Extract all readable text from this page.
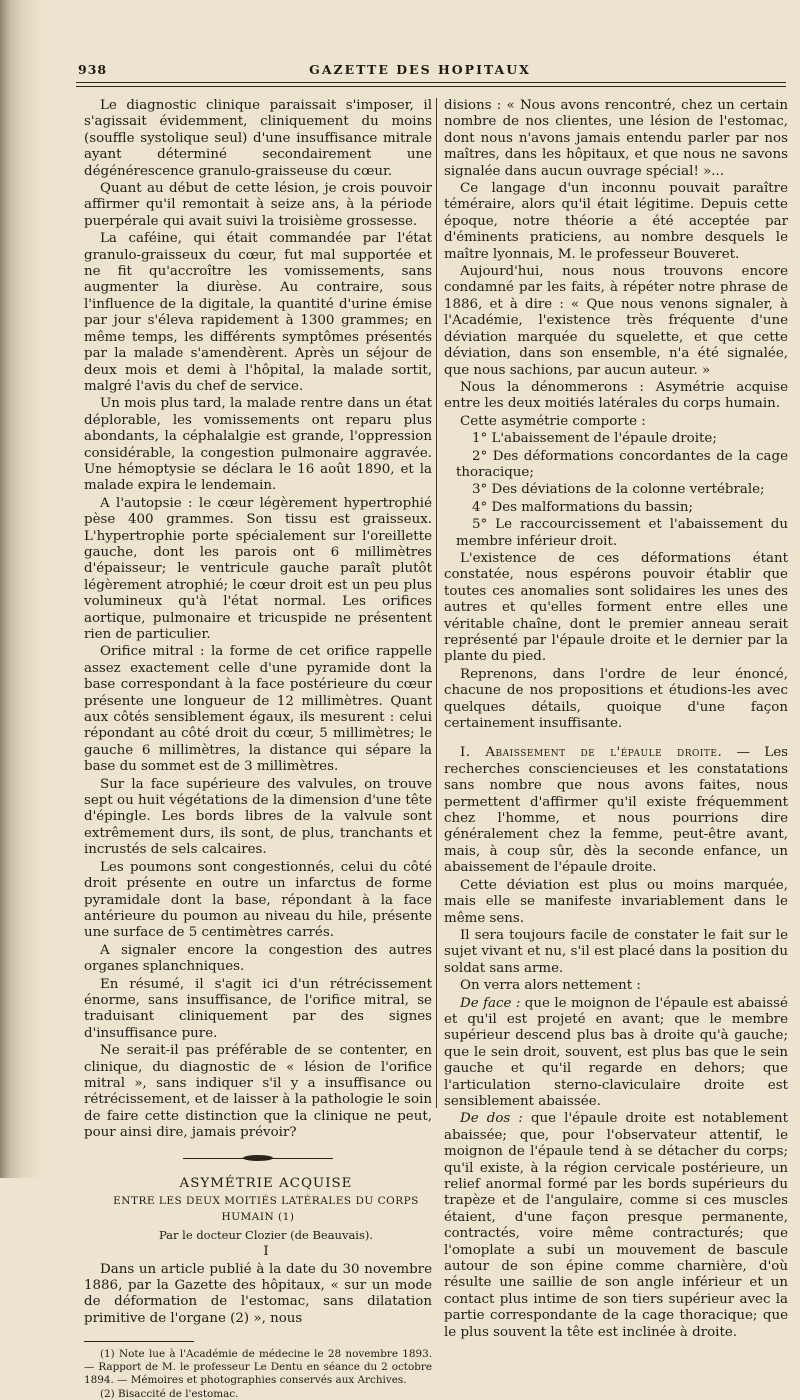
938	GAZETTE DES HOPITAUX

Le diagnostic clinique paraissait s'imposer, il s'agissait évidemment, cliniquement du moins (souffle systolique seul) d'une insuffisance mitrale ayant déterminé secondairement une dégénérescence granulo-graisseuse du cœur.

Quant au début de cette lésion, je crois pouvoir affirmer qu'il remontait à seize ans, à la période puerpérale qui avait suivi la troisième grossesse.

La caféine, qui était commandée par l'état granulo-graisseux du cœur, fut mal supportée et ne fit qu'accroître les vomissements, sans augmenter la diurèse. Au contraire, sous l'influence de la digitale, la quantité d'urine émise par jour s'éleva rapidement à 1300 grammes; en même temps, les différents symptômes présentés par la malade s'amendèrent. Après un séjour de deux mois et demi à l'hôpital, la malade sortit, malgré l'avis du chef de service.

Un mois plus tard, la malade rentre dans un état déplorable, les vomissements ont reparu plus abondants, la céphalalgie est grande, l'oppression considérable, la congestion pulmonaire aggravée. Une hémoptysie se déclara le 16 août 1890, et la malade expira le lendemain.

A l'autopsie : le cœur légèrement hypertrophié pèse 400 grammes. Son tissu est graisseux. L'hypertrophie porte spécialement sur l'oreillette gauche, dont les parois ont 6 millimètres d'épaisseur; le ventricule gauche paraît plutôt légèrement atrophié; le cœur droit est un peu plus volumineux qu'à l'état normal. Les orifices aortique, pulmonaire et tricuspide ne présentent rien de particulier.

Orifice mitral : la forme de cet orifice rappelle assez exactement celle d'une pyramide dont la base correspondant à la face postérieure du cœur présente une longueur de 12 millimètres. Quant aux côtés sensiblement égaux, ils mesurent : celui répondant au côté droit du cœur, 5 millimètres; le gauche 6 millimètres, la distance qui sépare la base du sommet est de 3 millimètres.

Sur la face supérieure des valvules, on trouve sept ou huit végétations de la dimension d'une tête d'épingle. Les bords libres de la valvule sont extrêmement durs, ils sont, de plus, tranchants et incrustés de sels calcaires.

Les poumons sont congestionnés, celui du côté droit présente en outre un infarctus de forme pyramidale dont la base, répondant à la face antérieure du poumon au niveau du hile, présente une surface de 5 centimètres carrés.

A signaler encore la congestion des autres organes splanchniques.

En résumé, il s'agit ici d'un rétrécissement énorme, sans insuffisance, de l'orifice mitral, se traduisant cliniquement par des signes d'insuffisance pure.

Ne serait-il pas préférable de se contenter, en clinique, du diagnostic de « lésion de l'orifice mitral », sans indiquer s'il y a insuffisance ou rétrécissement, et de laisser à la pathologie le soin de faire cette distinction que la clinique ne peut, pour ainsi dire, jamais prévoir?

ASYMÉTRIE ACQUISE

ENTRE LES DEUX MOITIÉS LATÉRALES DU CORPS HUMAIN (1)

Par le docteur Clozier (de Beauvais).

I

Dans un article publié à la date du 30 novembre 1886, par la Gazette des hôpitaux, « sur un mode de déformation de l'estomac, sans dilatation primitive de l'organe (2) », nous

(1) Note lue à l'Académie de médecine le 28 novembre 1893. — Rapport de M. le professeur Le Dentu en séance du 2 octobre 1894. — Mémoires et photographies conservés aux Archives.

(2) Bisaccité de l'estomac.

disions : « Nous avons rencontré, chez un certain nombre de nos clientes, une lésion de l'estomac, dont nous n'avons jamais entendu parler par nos maîtres, dans les hôpitaux, et que nous ne savons signalée dans aucun ouvrage spécial! »...

Ce langage d'un inconnu pouvait paraître téméraire, alors qu'il était légitime. Depuis cette époque, notre théorie a été acceptée par d'éminents praticiens, au nombre desquels le maître lyonnais, M. le professeur Bouveret.

Aujourd'hui, nous nous trouvons encore condamné par les faits, à répéter notre phrase de 1886, et à dire : « Que nous venons signaler, à l'Académie, l'existence très fréquente d'une déviation marquée du squelette, et que cette déviation, dans son ensemble, n'a été signalée, que nous sachions, par aucun auteur. »

Nous la dénommerons : Asymétrie acquise entre les deux moitiés latérales du corps humain.

Cette asymétrie comporte :

1° L'abaissement de l'épaule droite;

2° Des déformations concordantes de la cage thoracique;

3° Des déviations de la colonne vertébrale;

4° Des malformations du bassin;

5° Le raccourcissement et l'abaissement du membre inférieur droit.

L'existence de ces déformations étant constatée, nous espérons pouvoir établir que toutes ces anomalies sont solidaires les unes des autres et qu'elles forment entre elles une véritable chaîne, dont le premier anneau serait représenté par l'épaule droite et le dernier par la plante du pied.

Reprenons, dans l'ordre de leur énoncé, chacune de nos propositions et étudions-les avec quelques détails, quoique d'une façon certainement insuffisante.

I. Abaissement de l'épaule droite. — Les recherches consciencieuses et les constatations sans nombre que nous avons faites, nous permettent d'affirmer qu'il existe fréquemment chez l'homme, et nous pourrions dire généralement chez la femme, peut-être avant, mais, à coup sûr, dès la seconde enfance, un abaissement de l'épaule droite.

Cette déviation est plus ou moins marquée, mais elle se manifeste invariablement dans le même sens.

Il sera toujours facile de constater le fait sur le sujet vivant et nu, s'il est placé dans la position du soldat sans arme.

On verra alors nettement :

De face : que le moignon de l'épaule est abaissé et qu'il est projeté en avant; que le membre supérieur descend plus bas à droite qu'à gauche; que le sein droit, souvent, est plus bas que le sein gauche et qu'il regarde en dehors; que l'articulation sterno-claviculaire droite est sensiblement abaissée.

De dos : que l'épaule droite est notablement abaissée; que, pour l'observateur attentif, le moignon de l'épaule tend à se détacher du corps; qu'il existe, à la région cervicale postérieure, un relief anormal formé par les bords supérieurs du trapèze et de l'angulaire, comme si ces muscles étaient, d'une façon presque permanente, contractés, voire même contracturés; que l'omoplate a subi un mouvement de bascule autour de son épine comme charnière, d'où résulte une saillie de son angle inférieur et un contact plus intime de son tiers supérieur avec la partie correspondante de la cage thoracique; que le plus souvent la tête est inclinée à droite.
